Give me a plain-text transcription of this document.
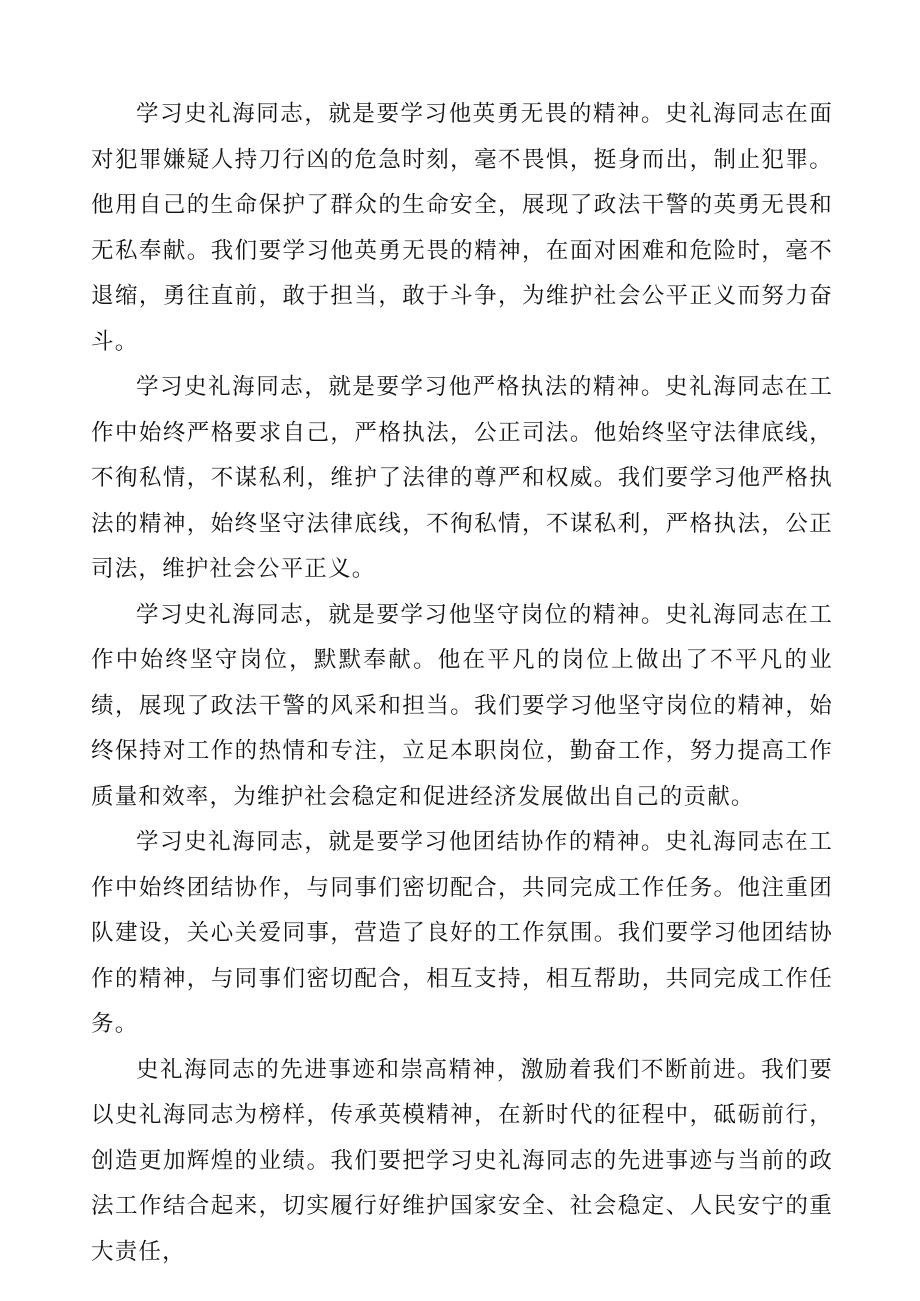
学习史礼海同志，就是要学习他英勇无畏的精神。史礼海同志在面对犯罪嫌疑人持刀行凶的危急时刻，毫不畏惧，挺身而出，制止犯罪。他用自己的生命保护了群众的生命安全，展现了政法干警的英勇无畏和无私奉献。我们要学习他英勇无畏的精神，在面对困难和危险时，毫不退缩，勇往直前，敢于担当，敢于斗争，为维护社会公平正义而努力奋斗。

学习史礼海同志，就是要学习他严格执法的精神。史礼海同志在工作中始终严格要求自己，严格执法，公正司法。他始终坚守法律底线，不徇私情，不谋私利，维护了法律的尊严和权威。我们要学习他严格执法的精神，始终坚守法律底线，不徇私情，不谋私利，严格执法，公正司法，维护社会公平正义。

学习史礼海同志，就是要学习他坚守岗位的精神。史礼海同志在工作中始终坚守岗位，默默奉献。他在平凡的岗位上做出了不平凡的业绩，展现了政法干警的风采和担当。我们要学习他坚守岗位的精神，始终保持对工作的热情和专注，立足本职岗位，勤奋工作，努力提高工作质量和效率，为维护社会稳定和促进经济发展做出自己的贡献。

学习史礼海同志，就是要学习他团结协作的精神。史礼海同志在工作中始终团结协作，与同事们密切配合，共同完成工作任务。他注重团队建设，关心关爱同事，营造了良好的工作氛围。我们要学习他团结协作的精神，与同事们密切配合，相互支持，相互帮助，共同完成工作任务。

史礼海同志的先进事迹和崇高精神，激励着我们不断前进。我们要以史礼海同志为榜样，传承英模精神，在新时代的征程中，砥砺前行，创造更加辉煌的业绩。我们要把学习史礼海同志的先进事迹与当前的政法工作结合起来，切实履行好维护国家安全、社会稳定、人民安宁的重大责任，
